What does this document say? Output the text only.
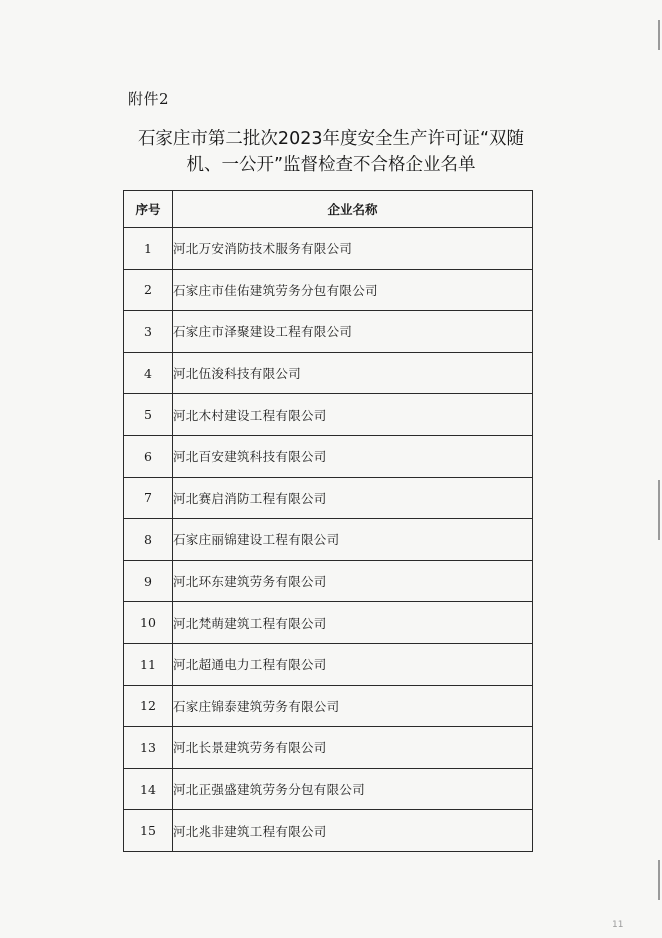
附件2
石家庄市第二批次2023年度安全生产许可证“双随
机、一公开”监督检查不合格企业名单
序号	企业名称
1	河北万安消防技术服务有限公司
2	石家庄市佳佑建筑劳务分包有限公司
3	石家庄市泽聚建设工程有限公司
4	河北伍浚科技有限公司
5	河北木村建设工程有限公司
6	河北百安建筑科技有限公司
7	河北赛启消防工程有限公司
8	石家庄丽锦建设工程有限公司
9	河北环东建筑劳务有限公司
10	河北梵萌建筑工程有限公司
11	河北超通电力工程有限公司
12	石家庄锦泰建筑劳务有限公司
13	河北长景建筑劳务有限公司
14	河北正强盛建筑劳务分包有限公司
15	河北兆非建筑工程有限公司
11
